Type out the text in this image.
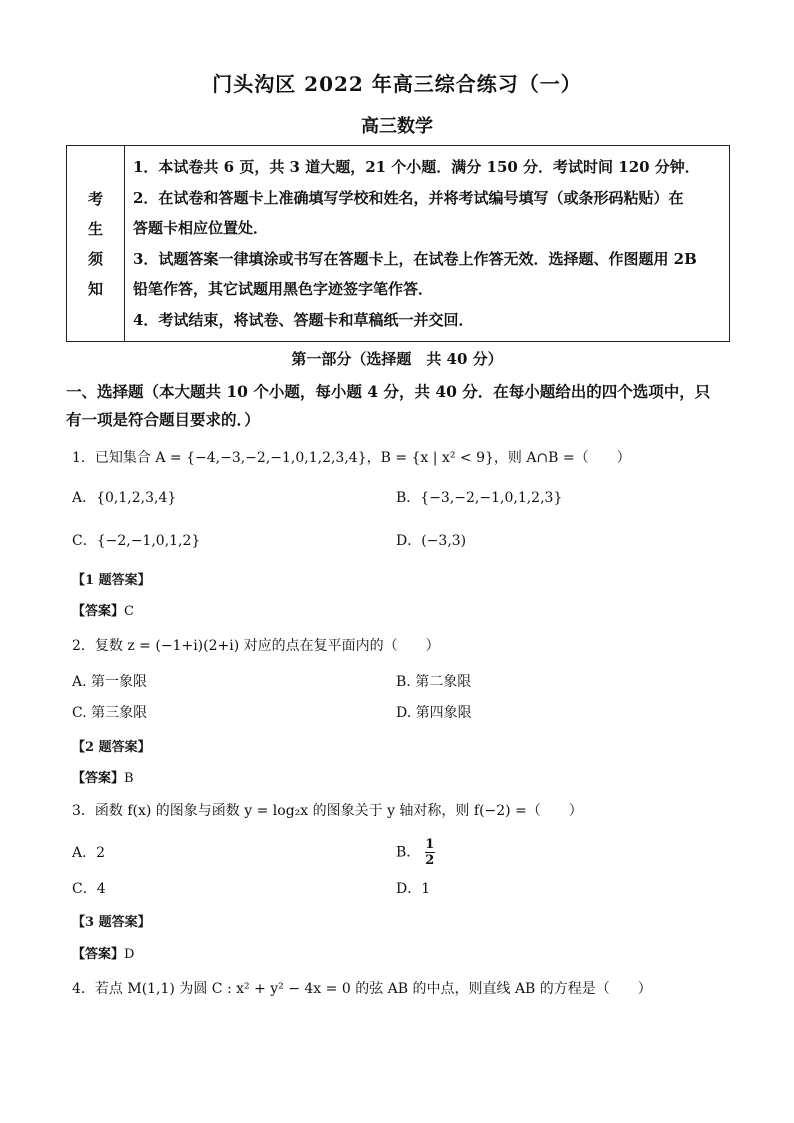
门头沟区 2022 年高三综合练习（一）
高三数学
考
生
须
知

1．本试卷共 6 页，共 3 道大题，21 个小题．满分 150 分．考试时间 120 分钟．

2．在试卷和答题卡上准确填写学校和姓名，并将考试编号填写（或条形码粘贴）在

答题卡相应位置处．

3．试题答案一律填涂或书写在答题卡上，在试卷上作答无效．选择题、作图题用 2B

铅笔作答，其它试题用黑色字迹签字笔作答．

4．考试结束，将试卷、答题卡和草稿纸一并交回．

第一部分（选择题　共 40 分）
一、选择题（本大题共 10 个小题，每小题 4 分，共 40 分．在每小题给出的四个选项中，只
有一项是符合题目要求的．）
1．已知集合 A = {−4,−3,−2,−1,0,1,2,3,4}，B = {x | x² < 9}，则 A∩B =（　　）
A．{0,1,2,3,4}	B．{−3,−2,−1,0,1,2,3}
C．{−2,−1,0,1,2}	D．(−3,3)
【1 题答案】
【答案】C
2．复数 z = (−1+i)(2+i) 对应的点在复平面内的（　　）
A. 第一象限	B. 第二象限
C. 第三象限	D. 第四象限
【2 题答案】
【答案】B
3．函数 f(x) 的图象与函数 y = log₂x 的图象关于 y 轴对称，则 f(−2) =（　　）
A．2	B． $\frac{1}{2}$
C．4	D．1
【3 题答案】
【答案】D
4．若点 M(1,1) 为圆 C : x² + y² − 4x = 0 的弦 AB 的中点，则直线 AB 的方程是（　　）
